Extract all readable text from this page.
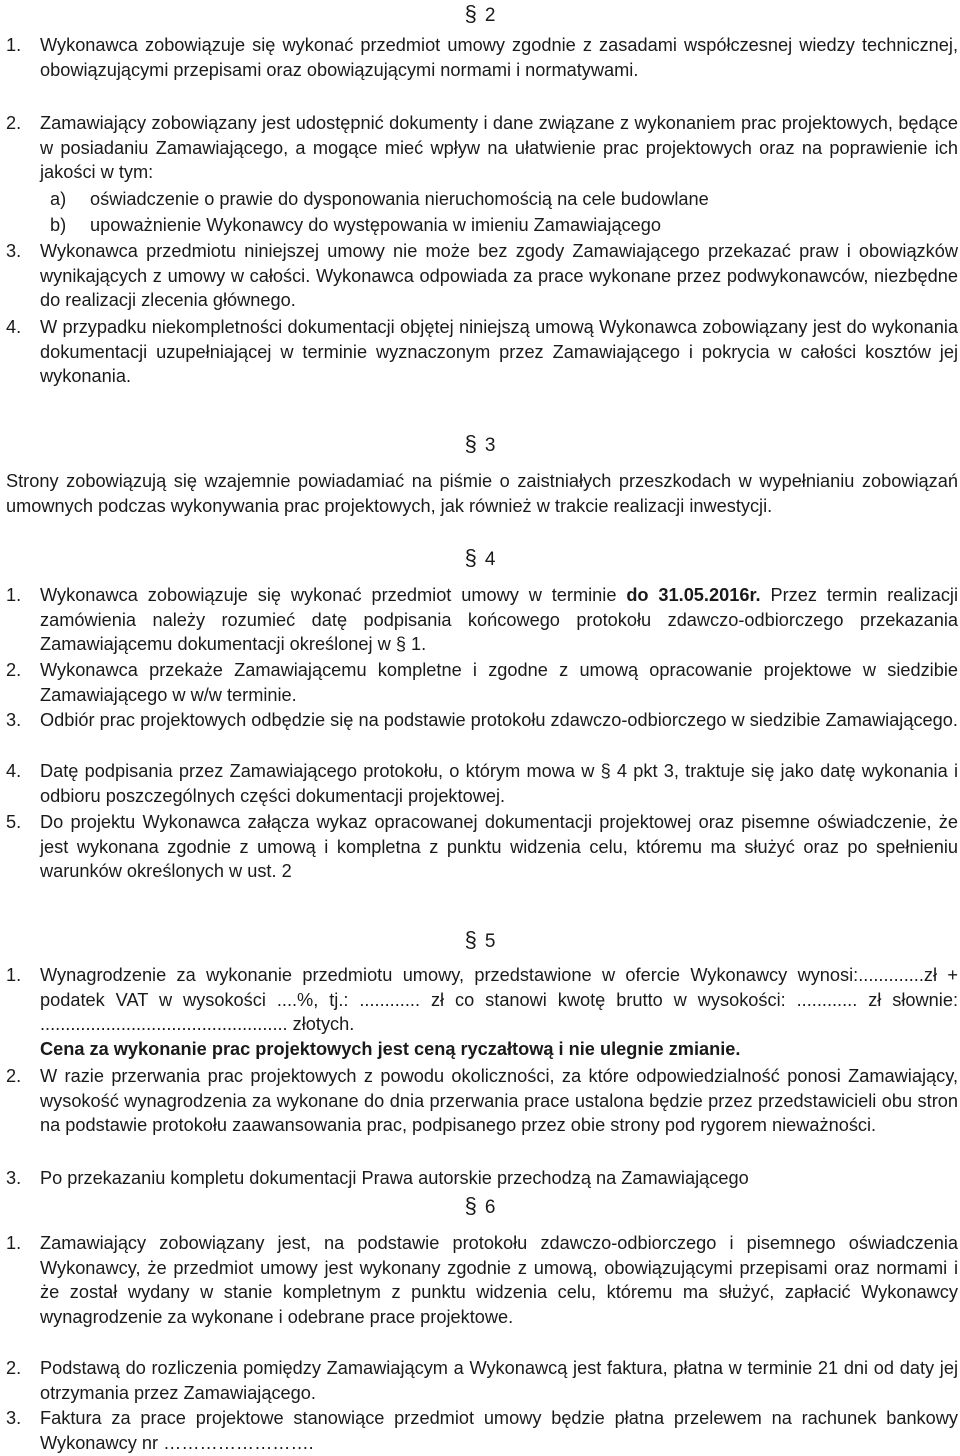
§ 2
1.	Wykonawca zobowiązuje się wykonać przedmiot umowy zgodnie z zasadami współczesnej wiedzy technicznej, obowiązującymi przepisami oraz obowiązującymi normami i normatywami.
2.	Zamawiający zobowiązany jest udostępnić dokumenty i dane związane z wykonaniem prac projektowych, będące w posiadaniu Zamawiającego, a mogące mieć wpływ na ułatwienie prac projektowych oraz na poprawienie ich jakości w tym:
a)	oświadczenie o prawie do dysponowania nieruchomością na cele budowlane
b)	upoważnienie Wykonawcy do występowania w imieniu Zamawiającego
3.	Wykonawca przedmiotu niniejszej umowy nie może bez zgody Zamawiającego przekazać praw i obowiązków wynikających z umowy w całości. Wykonawca odpowiada za prace wykonane przez podwykonawców, niezbędne do realizacji zlecenia głównego.
4.	W przypadku niekompletności dokumentacji objętej niniejszą umową Wykonawca zobowiązany jest do wykonania dokumentacji uzupełniającej w terminie wyznaczonym przez Zamawiającego i pokrycia w całości kosztów jej wykonania.
§ 3
Strony zobowiązują się wzajemnie powiadamiać na piśmie o zaistniałych przeszkodach w wypełnianiu zobowiązań umownych podczas wykonywania prac projektowych, jak również w trakcie realizacji inwestycji.
§ 4
1.	Wykonawca zobowiązuje się wykonać przedmiot umowy w terminie do 31.05.2016r. Przez termin realizacji zamówienia należy rozumieć datę podpisania końcowego protokołu zdawczo-odbiorczego przekazania Zamawiającemu dokumentacji określonej w § 1.
2.	Wykonawca przekaże Zamawiającemu kompletne i zgodne z umową opracowanie projektowe w siedzibie Zamawiającego w w/w terminie.
3.	Odbiór prac projektowych odbędzie się na podstawie protokołu zdawczo-odbiorczego w siedzibie Zamawiającego.
4.	Datę podpisania przez Zamawiającego protokołu, o którym mowa w § 4 pkt 3, traktuje się jako datę wykonania i odbioru poszczególnych części dokumentacji projektowej.
5.	Do projektu Wykonawca załącza wykaz opracowanej dokumentacji projektowej oraz pisemne oświadczenie, że jest wykonana zgodnie z umową i kompletna z punktu widzenia celu, któremu ma służyć oraz po spełnieniu warunków określonych w ust. 2
§ 5
1.	Wynagrodzenie za wykonanie przedmiotu umowy, przedstawione w ofercie Wykonawcy wynosi:.............zł + podatek VAT w wysokości ....%, tj.: ............ zł co stanowi kwotę brutto w wysokości: ............ zł słownie: ................................................. złotych.
Cena za wykonanie prac projektowych jest ceną ryczałtową i nie ulegnie zmianie.
2.	W razie przerwania prac projektowych z powodu okoliczności, za które odpowiedzialność ponosi Zamawiający, wysokość wynagrodzenia za wykonane do dnia przerwania prace ustalona będzie przez przedstawicieli obu stron na podstawie protokołu zaawansowania prac, podpisanego przez obie strony pod rygorem nieważności.
3.	Po przekazaniu kompletu dokumentacji Prawa autorskie przechodzą na Zamawiającego
§ 6
1.	Zamawiający zobowiązany jest, na podstawie protokołu zdawczo-odbiorczego i pisemnego oświadczenia Wykonawcy, że przedmiot umowy jest wykonany zgodnie z umową, obowiązującymi przepisami oraz normami i że został wydany w stanie kompletnym z punktu widzenia celu, któremu ma służyć, zapłacić Wykonawcy wynagrodzenie za wykonane i odebrane prace projektowe.
2.	Podstawą do rozliczenia pomiędzy Zamawiającym a Wykonawcą jest faktura, płatna w terminie 21 dni od daty jej otrzymania przez Zamawiającego.
3.	Faktura za prace projektowe stanowiące przedmiot umowy będzie płatna przelewem na rachunek bankowy Wykonawcy nr …………………….
